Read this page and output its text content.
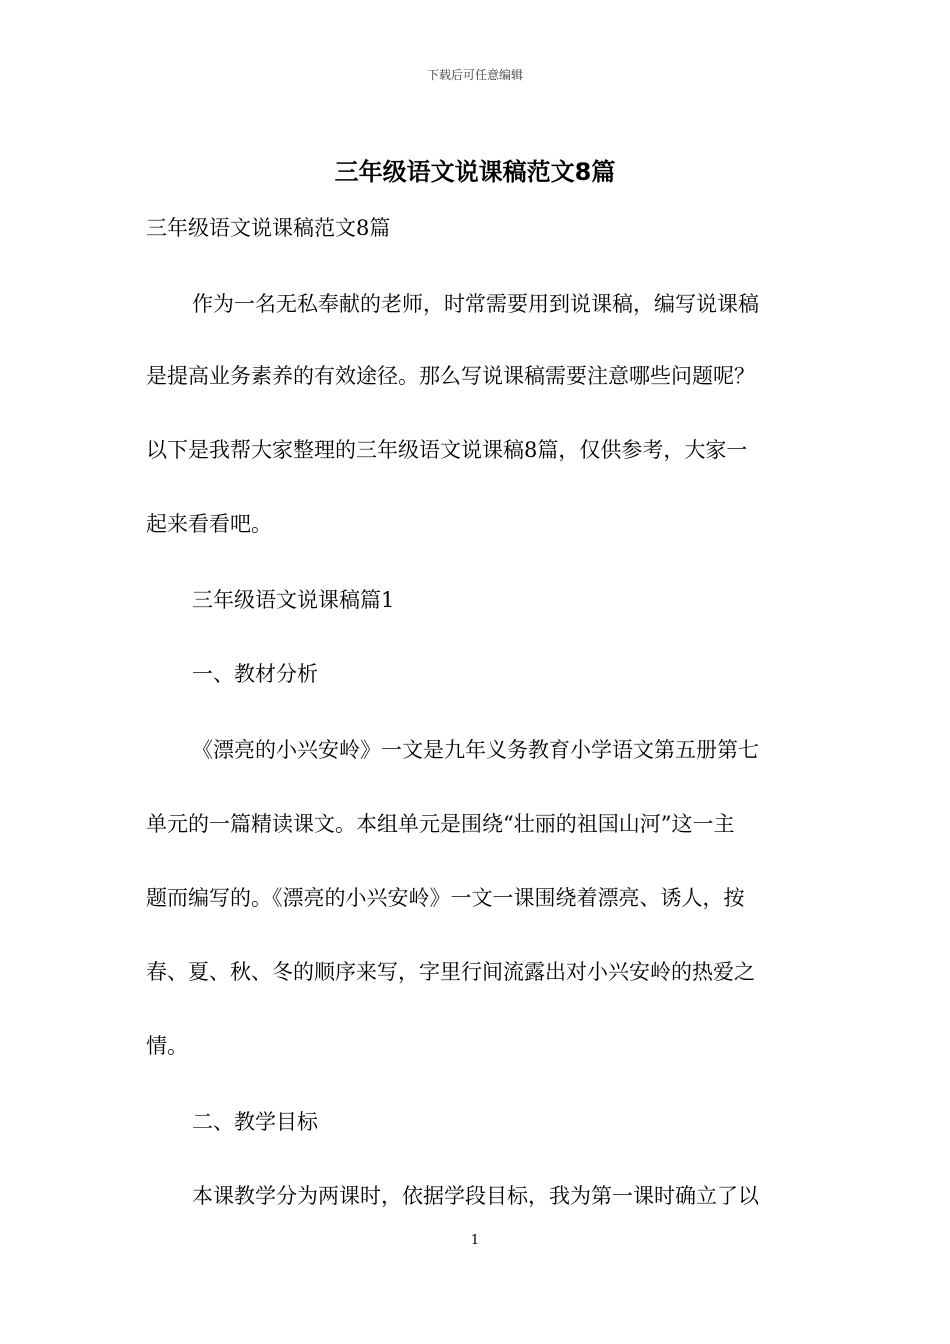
下载后可任意编辑
三年级语文说课稿范文8篇
三年级语文说课稿范文8篇
作为一名无私奉献的老师，时常需要用到说课稿，编写说课稿
是提高业务素养的有效途径。那么写说课稿需要注意哪些问题呢？
以下是我帮大家整理的三年级语文说课稿8篇，仅供参考，大家一
起来看看吧。
三年级语文说课稿篇1
一、教材分析
《漂亮的小兴安岭》一文是九年义务教育小学语文第五册第七
单元的一篇精读课文。本组单元是围绕“壮丽的祖国山河”这一主
题而编写的。《漂亮的小兴安岭》一文一课围绕着漂亮、诱人，按
春、夏、秋、冬的顺序来写，字里行间流露出对小兴安岭的热爱之
情。
二、教学目标
本课教学分为两课时，依据学段目标，我为第一课时确立了以
1
